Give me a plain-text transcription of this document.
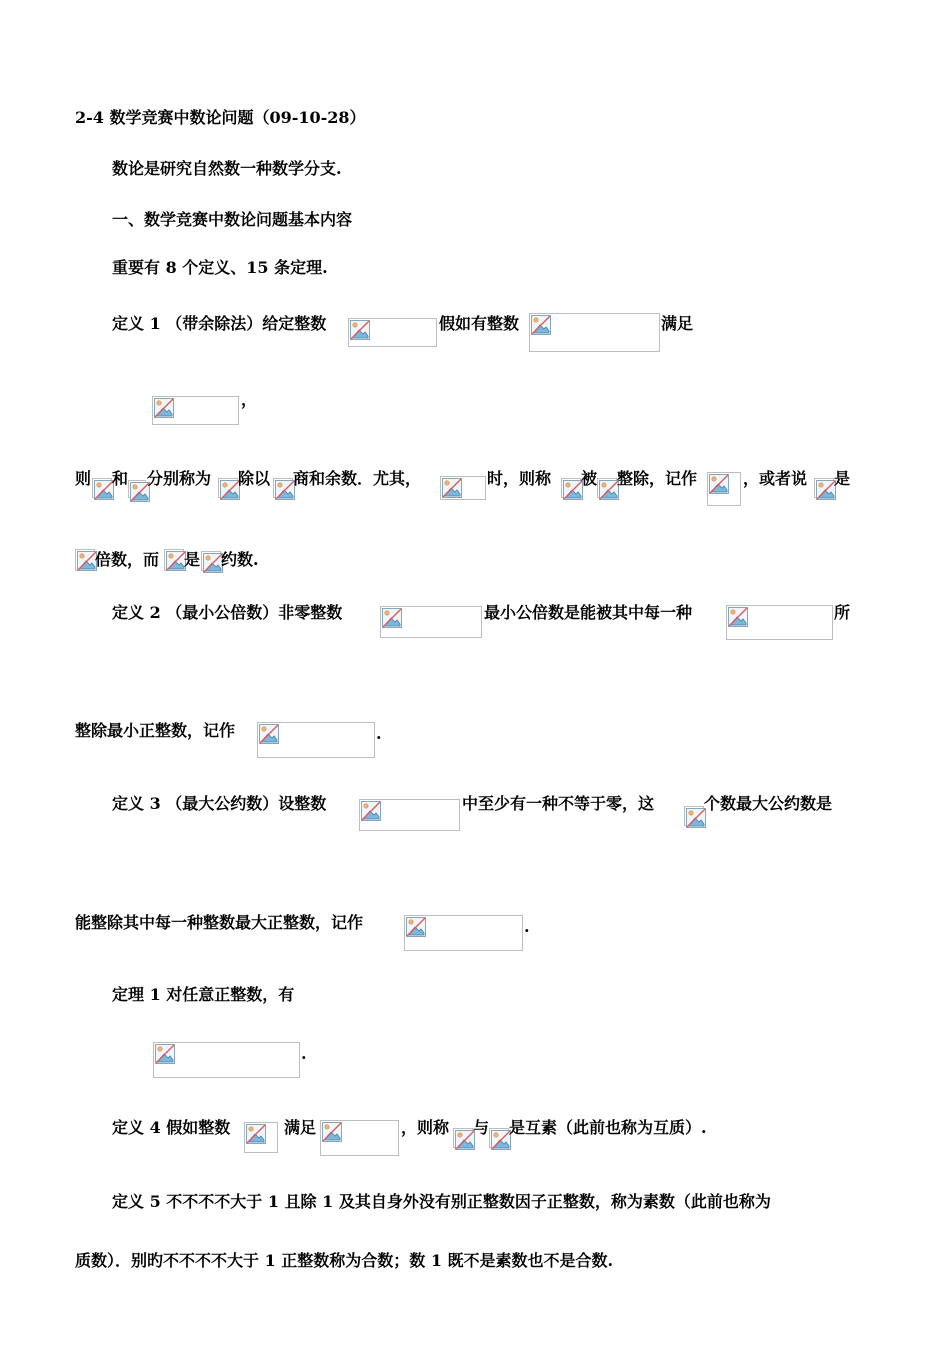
2-4 数学竞赛中数论问题（09-10-28）
数论是研究自然数一种数学分支.
一、数学竞赛中数论问题基本内容
重要有 8 个定义、15 条定理.
定义 1 （带余除法）给定整数	假如有整数	满足
，
则 和 分别称为 除以 商和余数．尤其，	时，则称 被 整除，记作	，或者说 是
倍数，而 是 约数.
定义 2 （最小公倍数）非零整数	最小公倍数是能被其中每一种	所
整除最小正整数，记作	.
定义 3 （最大公约数）设整数	中至少有一种不等于零，这	个数最大公约数是
能整除其中每一种整数最大正整数，记作	.
定理 1 对任意正整数，有
.
定义 4 假如整数	满足	，则称 与 是互素（此前也称为互质）.
定义 5 不不不不大于 1 且除 1 及其自身外没有别正整数因子正整数，称为素数（此前也称为
质数）．别旳不不不不大于 1 正整数称为合数；数 1 既不是素数也不是合数.
